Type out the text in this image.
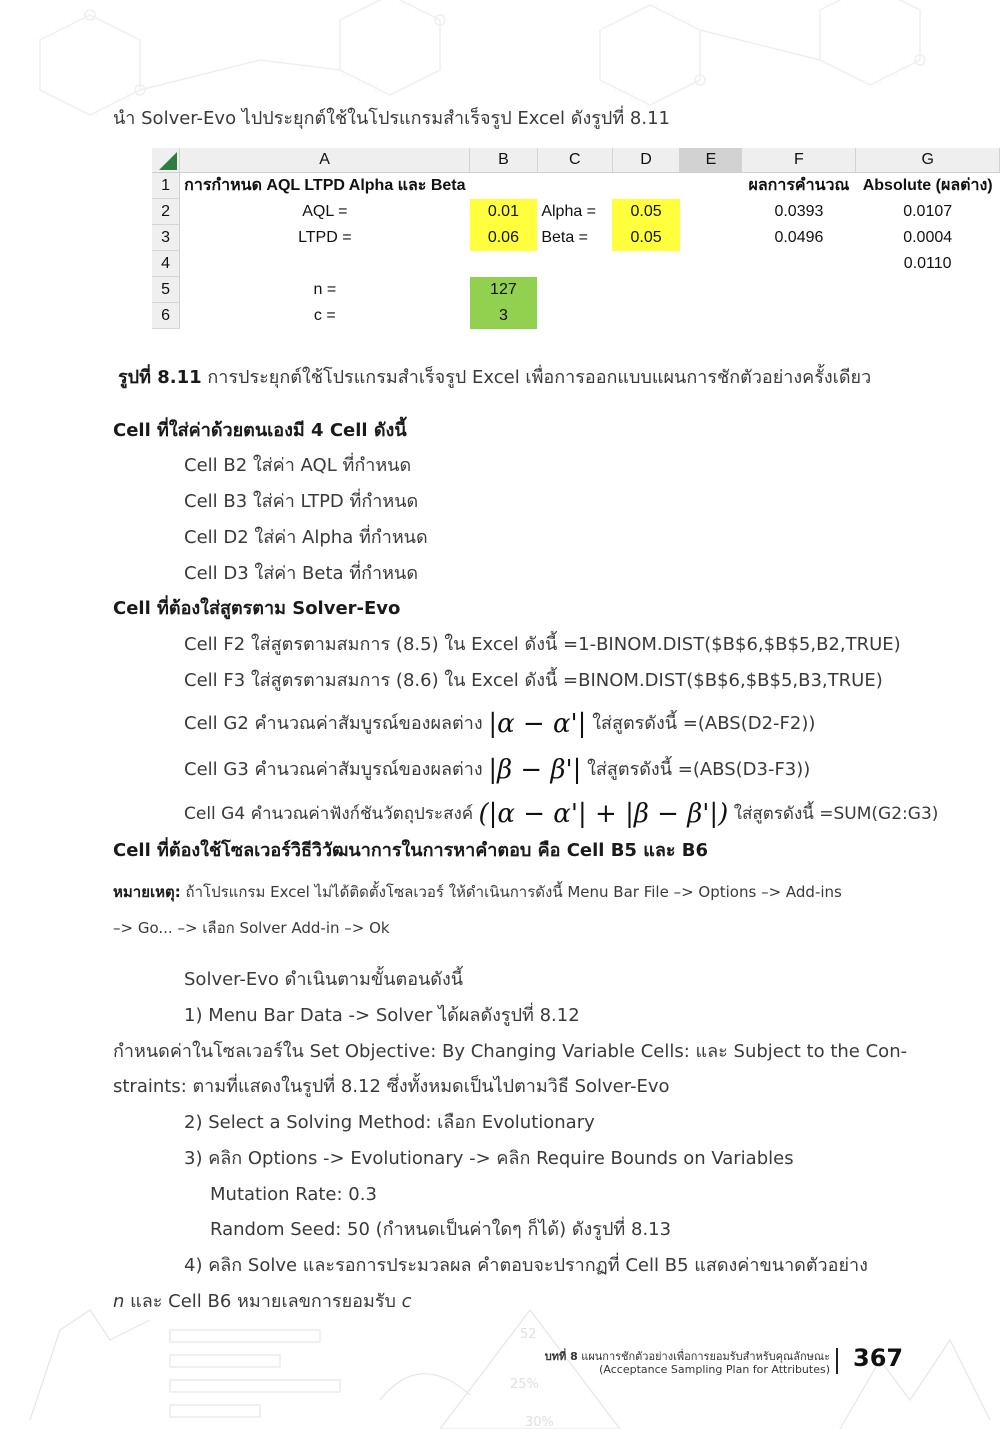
52
25%
30%
นำ Solver-Evo ไปประยุกต์ใช้ในโปรแกรมสำเร็จรูป Excel ดังรูปที่ 8.11
	A	B	C	D	E	F	G
1	การกำหนด AQL LTPD Alpha และ Beta					ผลการคำนวณ	Absolute (ผลต่าง)
2	AQL =	0.01	Alpha =	0.05		0.0393	0.0107
3	LTPD =	0.06	Beta =	0.05		0.0496	0.0004
4							0.0110
5	n =	127					
6	c =	3					
รูปที่ 8.11 การประยุกต์ใช้โปรแกรมสำเร็จรูป Excel เพื่อการออกแบบแผนการชักตัวอย่างครั้งเดียว
Cell ที่ใส่ค่าด้วยตนเองมี 4 Cell ดังนี้
Cell B2 ใส่ค่า AQL ที่กำหนด
Cell B3 ใส่ค่า LTPD ที่กำหนด
Cell D2 ใส่ค่า Alpha ที่กำหนด
Cell D3 ใส่ค่า Beta ที่กำหนด
Cell ที่ต้องใส่สูตรตาม Solver-Evo
Cell F2 ใส่สูตรตามสมการ (8.5) ใน Excel ดังนี้ =1-BINOM.DIST($B$6,$B$5,B2,TRUE)
Cell F3 ใส่สูตรตามสมการ (8.6) ใน Excel ดังนี้ =BINOM.DIST($B$6,$B$5,B3,TRUE)
Cell G2 คำนวณค่าสัมบูรณ์ของผลต่าง |α − α'| ใส่สูตรดังนี้ =(ABS(D2-F2))
Cell G3 คำนวณค่าสัมบูรณ์ของผลต่าง |β − β'| ใส่สูตรดังนี้ =(ABS(D3-F3))
Cell G4 คำนวณค่าฟังก์ชันวัตถุประสงค์ (|α − α'| + |β − β'|) ใส่สูตรดังนี้ =SUM(G2:G3)
Cell ที่ต้องใช้โซลเวอร์วิธีวิวัฒนาการในการหาคำตอบ คือ Cell B5 และ B6
หมายเหตุ: ถ้าโปรแกรม Excel ไม่ได้ติดตั้งโซลเวอร์ ให้ดำเนินการดังนี้ Menu Bar File –> Options –> Add-ins
–> Go... –> เลือก Solver Add-in –> Ok
Solver-Evo ดำเนินตามขั้นตอนดังนี้
1) Menu Bar Data -> Solver ได้ผลดังรูปที่ 8.12
กำหนดค่าในโซลเวอร์ใน Set Objective: By Changing Variable Cells: และ Subject to the Con-
straints: ตามที่แสดงในรูปที่ 8.12 ซึ่งทั้งหมดเป็นไปตามวิธี Solver-Evo
2) Select a Solving Method: เลือก Evolutionary
3) คลิก Options -> Evolutionary -> คลิก Require Bounds on Variables
Mutation Rate: 0.3
Random Seed: 50 (กำหนดเป็นค่าใดๆ ก็ได้) ดังรูปที่ 8.13
4) คลิก Solve และรอการประมวลผล คำตอบจะปรากฏที่ Cell B5 แสดงค่าขนาดตัวอย่าง
n และ Cell B6 หมายเลขการยอมรับ c
บทที่ 8 แผนการชักตัวอย่างเพื่อการยอมรับสำหรับคุณลักษณะ
(Acceptance Sampling Plan for Attributes) 367
